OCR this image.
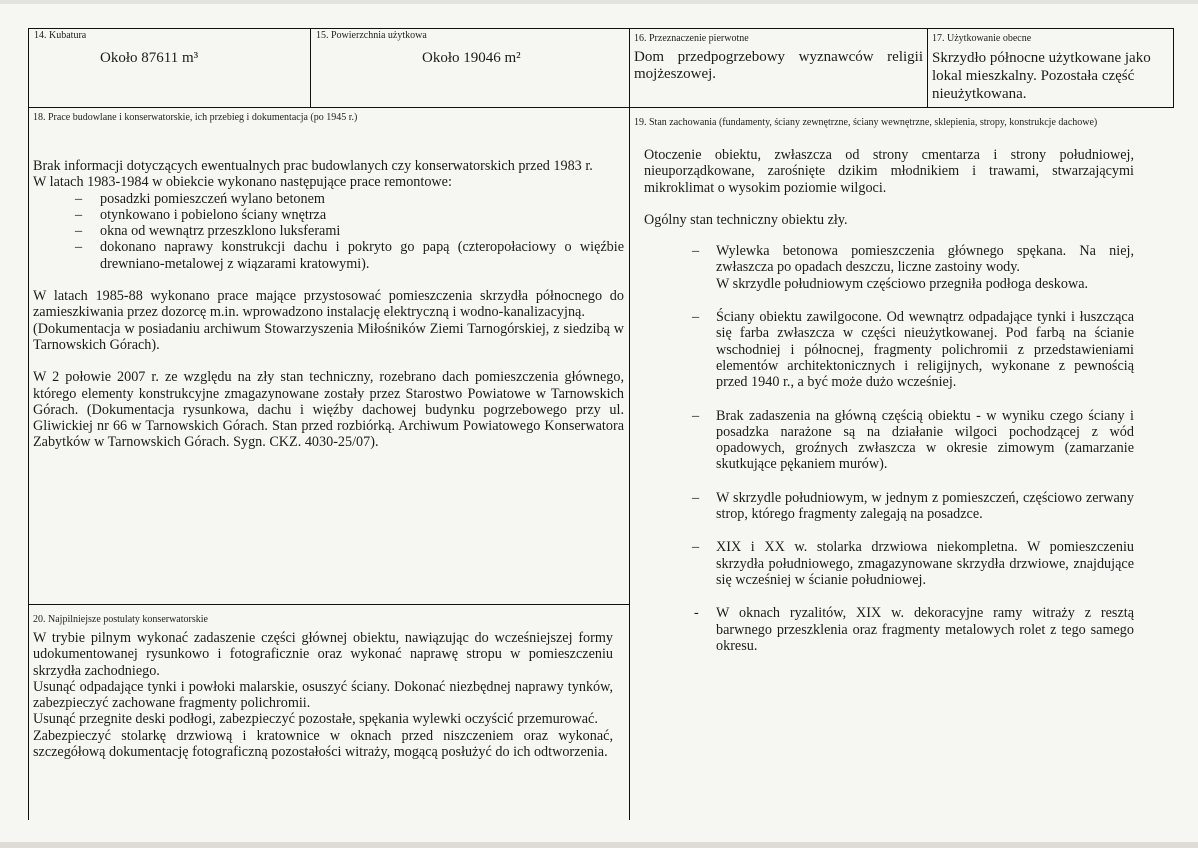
14. Kubatura
Około 87611 m³
15. Powierzchnia użytkowa
Około 19046 m²
16. Przeznaczenie pierwotne
Dom przedpogrzebowy wyznawców religii mojżeszowej.
17. Użytkowanie obecne
Skrzydło północne użytkowane jako lokal mieszkalny. Pozostała część nieużytkowana.
18. Prace budowlane i konserwatorskie, ich przebieg i dokumentacja (po 1945 r.)

Brak informacji dotyczących ewentualnych prac budowlanych czy konserwatorskich przed 1983 r.

W latach 1983-1984 w obiekcie wykonano następujące prace remontowe:

– posadzki pomieszczeń wylano betonem
– otynkowano i pobielono ściany wnętrza
– okna od wewnątrz przeszklono luksferami
– dokonano naprawy konstrukcji dachu i pokryto go papą (czteropołaciowy o więźbie drewniano-metalowej z wiązarami kratowymi).

W latach 1985-88 wykonano prace mające przystosować pomieszczenia skrzydła północnego do zamieszkiwania przez dozorcę m.in. wprowadzono instalację elektryczną i wodno-kanalizacyjną.

(Dokumentacja w posiadaniu archiwum Stowarzyszenia Miłośników Ziemi Tarnogórskiej, z siedzibą w Tarnowskich Górach).

W 2 połowie 2007 r. ze względu na zły stan techniczny, rozebrano dach pomieszczenia głównego, którego elementy konstrukcyjne zmagazynowane zostały przez Starostwo Powiatowe w Tarnowskich Górach. (Dokumentacja rysunkowa, dachu i więźby dachowej budynku pogrzebowego przy ul. Gliwickiej nr 66 w Tarnowskich Górach. Stan przed rozbiórką. Archiwum Powiatowego Konserwatora Zabytków w Tarnowskich Górach. Sygn. CKZ. 4030-25/07).

19. Stan zachowania (fundamenty, ściany zewnętrzne, ściany wewnętrzne, sklepienia, stropy, konstrukcje dachowe)

Otoczenie obiektu, zwłaszcza od strony cmentarza i strony południowej, nieuporządkowane, zarośnięte dzikim młodnikiem i trawami, stwarzającymi mikroklimat o wysokim poziomie wilgoci.

Ogólny stan techniczny obiektu zły.

– Wylewka betonowa pomieszczenia głównego spękana. Na niej, zwłaszcza po opadach deszczu, liczne zastoiny wody.
W skrzydle południowym częściowo przegniła podłoga deskowa.
– Ściany obiektu zawilgocone. Od wewnątrz odpadające tynki i łuszcząca się farba zwłaszcza w części nieużytkowanej. Pod farbą na ścianie wschodniej i północnej, fragmenty polichromii z przedstawieniami elementów architektonicznych i religijnych, wykonane z pewnością przed 1940 r., a być może dużo wcześniej.
– Brak zadaszenia na główną częścią obiektu - w wyniku czego ściany i posadzka narażone są na działanie wilgoci pochodzącej z wód opadowych, groźnych zwłaszcza w okresie zimowym (zamarzanie skutkujące pękaniem murów).
– W skrzydle południowym, w jednym z pomieszczeń, częściowo zerwany strop, którego fragmenty zalegają na posadzce.
– XIX i XX w. stolarka drzwiowa niekompletna. W pomieszczeniu skrzydła południowego, zmagazynowane skrzydła drzwiowe, znajdujące się wcześniej w ścianie południowej.
- W oknach ryzalitów, XIX w. dekoracyjne ramy witraży z resztą barwnego przeszklenia oraz fragmenty metalowych rolet z tego samego okresu.
20. Najpilniejsze postulaty konserwatorskie

W trybie pilnym wykonać zadaszenie części głównej obiektu, nawiązując do wcześniejszej formy udokumentowanej rysunkowo i fotograficznie oraz wykonać naprawę stropu w pomieszczeniu skrzydła zachodniego.

Usunąć odpadające tynki i powłoki malarskie, osuszyć ściany. Dokonać niezbędnej naprawy tynków, zabezpieczyć zachowane fragmenty polichromii.

Usunąć przegnite deski podłogi, zabezpieczyć pozostałe, spękania wylewki oczyścić przemurować.

Zabezpieczyć stolarkę drzwiową i kratownice w oknach przed niszczeniem oraz wykonać, szczegółową dokumentację fotograficzną pozostałości witraży, mogącą posłużyć do ich odtworzenia.
